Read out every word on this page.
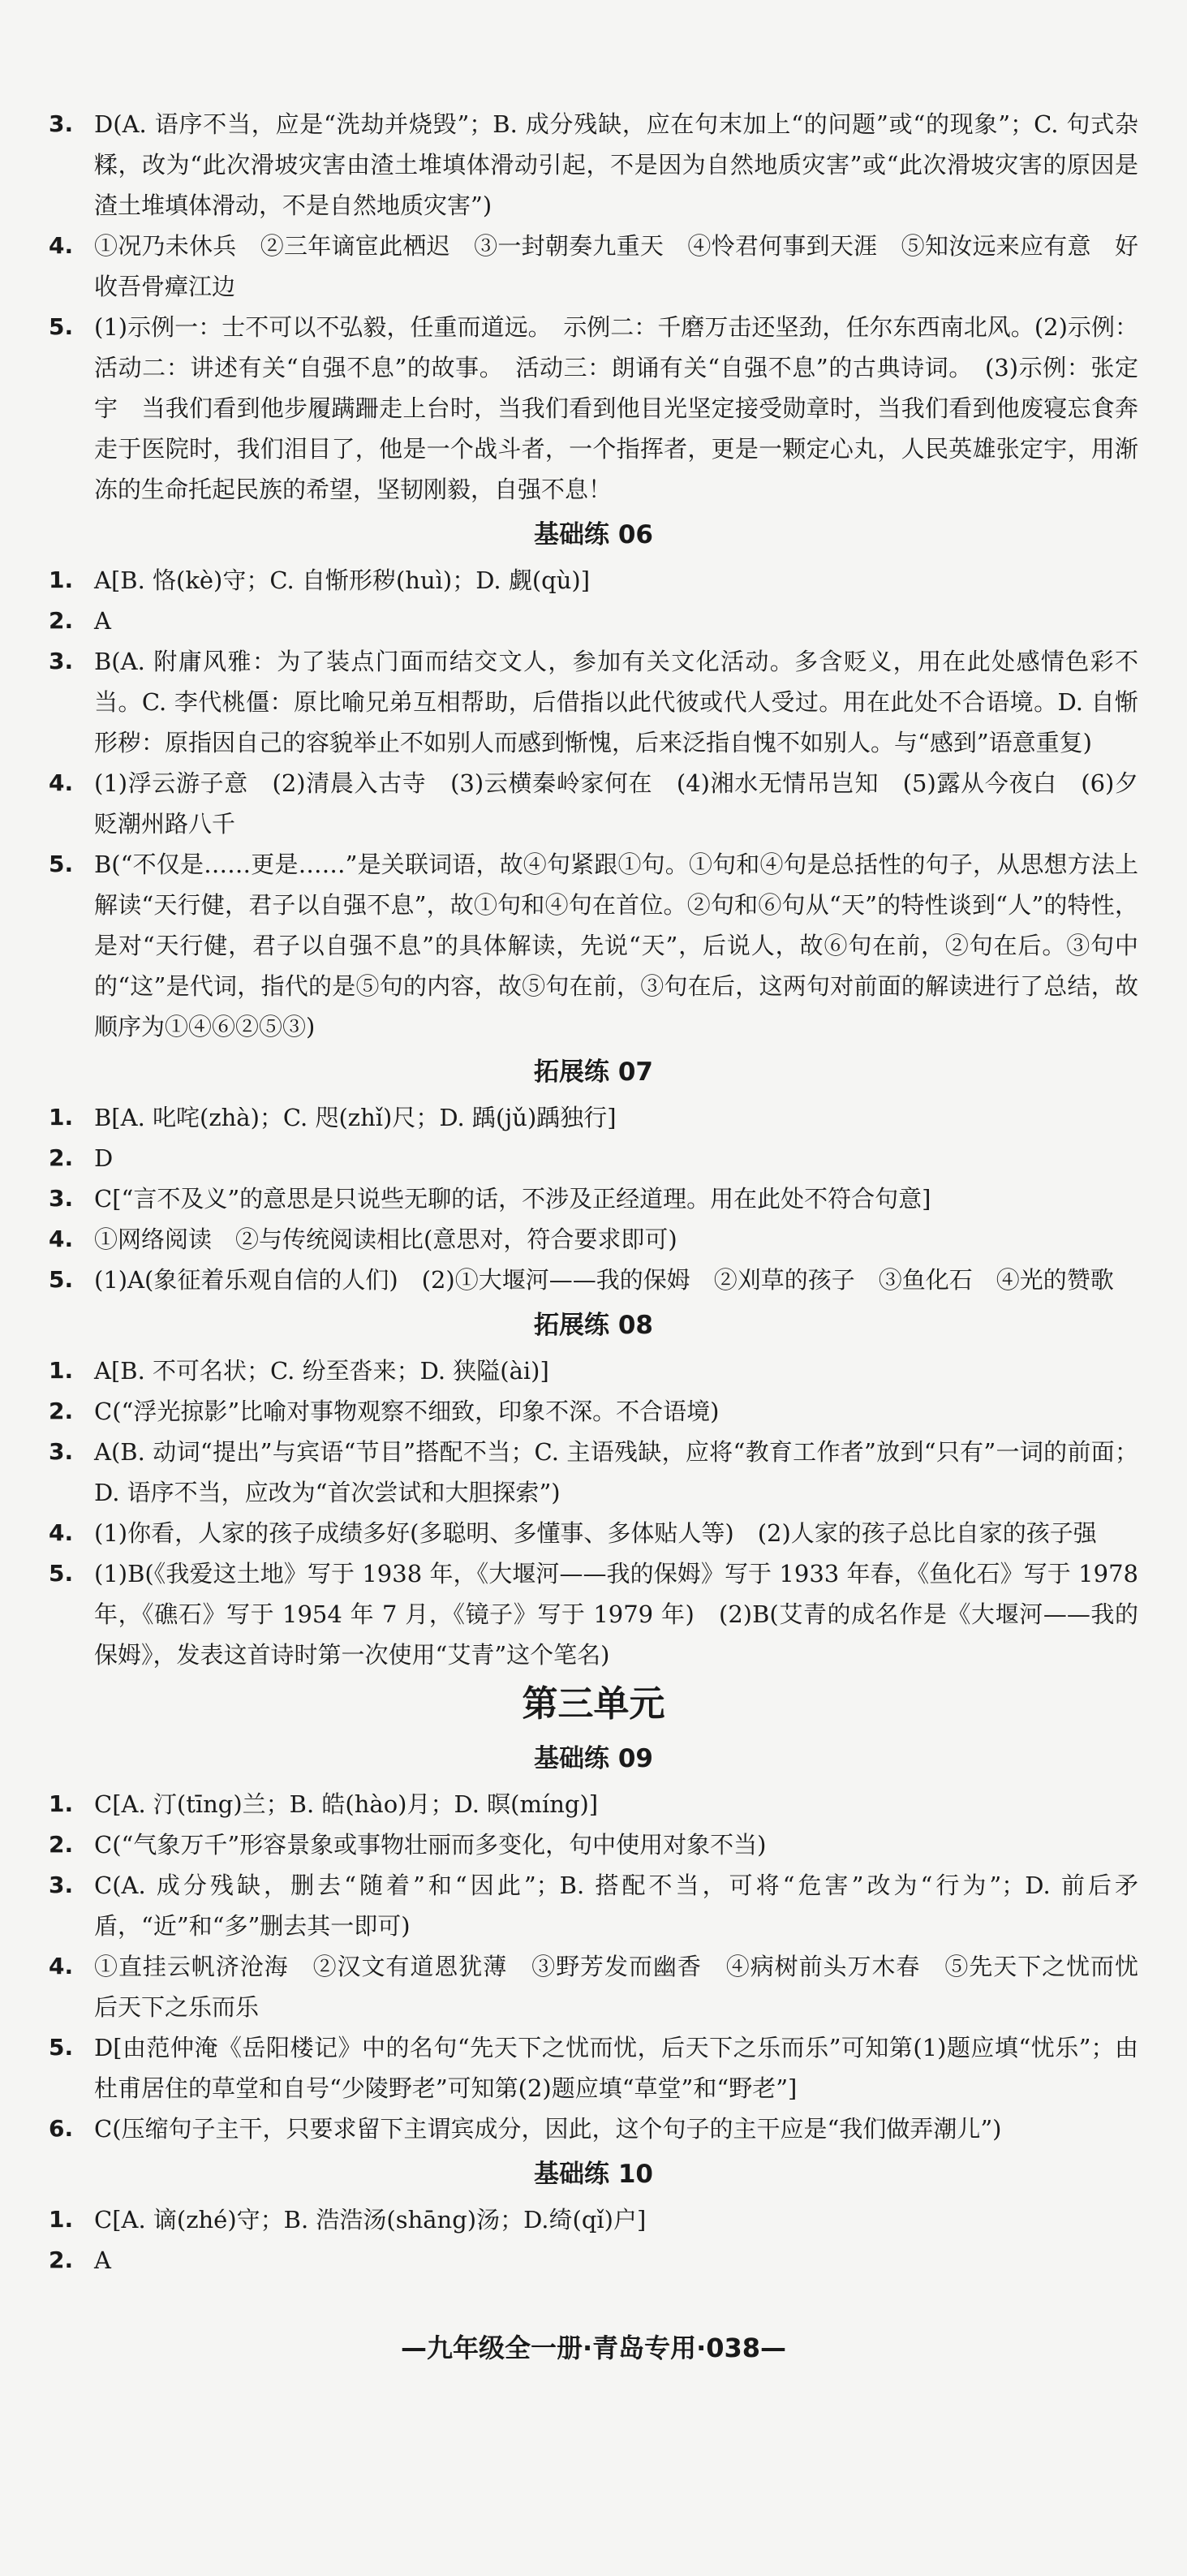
3. D(A. 语序不当，应是“洗劫并烧毁”；B. 成分残缺，应在句末加上“的问题”或“的现象”；C. 句式杂糅，改为“此次滑坡灾害由渣土堆填体滑动引起，不是因为自然地质灾害”或“此次滑坡灾害的原因是渣土堆填体滑动，不是自然地质灾害”)
4. ①况乃未休兵　②三年谪宦此栖迟　③一封朝奏九重天　④怜君何事到天涯　⑤知汝远来应有意　好收吾骨瘴江边
5. (1)示例一：士不可以不弘毅，任重而道远。　示例二：千磨万击还坚劲，任尔东西南北风。(2)示例：活动二：讲述有关“自强不息”的故事。　活动三：朗诵有关“自强不息”的古典诗词。　(3)示例：张定宇　当我们看到他步履蹒跚走上台时，当我们看到他目光坚定接受勋章时，当我们看到他废寝忘食奔走于医院时，我们泪目了，他是一个战斗者，一个指挥者，更是一颗定心丸，人民英雄张定宇，用渐冻的生命托起民族的希望，坚韧刚毅，自强不息！
基础练 06
1. A[B. 恪(kè)守；C. 自惭形秽(huì)；D. 觑(qù)]
2. A
3. B(A. 附庸风雅：为了装点门面而结交文人，参加有关文化活动。多含贬义，用在此处感情色彩不当。C. 李代桃僵：原比喻兄弟互相帮助，后借指以此代彼或代人受过。用在此处不合语境。D. 自惭形秽：原指因自己的容貌举止不如别人而感到惭愧，后来泛指自愧不如别人。与“感到”语意重复)
4. (1)浮云游子意　(2)清晨入古寺　(3)云横秦岭家何在　(4)湘水无情吊岂知　(5)露从今夜白　(6)夕贬潮州路八千
5. B(“不仅是……更是……”是关联词语，故④句紧跟①句。①句和④句是总括性的句子，从思想方法上解读“天行健，君子以自强不息”，故①句和④句在首位。②句和⑥句从“天”的特性谈到“人”的特性，是对“天行健，君子以自强不息”的具体解读，先说“天”，后说人，故⑥句在前，②句在后。③句中的“这”是代词，指代的是⑤句的内容，故⑤句在前，③句在后，这两句对前面的解读进行了总结，故顺序为①④⑥②⑤③)
拓展练 07
1. B[A. 叱咤(zhà)；C. 咫(zhǐ)尺；D. 踽(jǔ)踽独行]
2. D
3. C[“言不及义”的意思是只说些无聊的话，不涉及正经道理。用在此处不符合句意]
4. ①网络阅读　②与传统阅读相比(意思对，符合要求即可)
5. (1)A(象征着乐观自信的人们)　(2)①大堰河——我的保姆　②刈草的孩子　③鱼化石　④光的赞歌
拓展练 08
1. A[B. 不可名状；C. 纷至沓来；D. 狭隘(ài)]
2. C(“浮光掠影”比喻对事物观察不细致，印象不深。不合语境)
3. A(B. 动词“提出”与宾语“节目”搭配不当；C. 主语残缺，应将“教育工作者”放到“只有”一词的前面；D. 语序不当，应改为“首次尝试和大胆探索”)
4. (1)你看，人家的孩子成绩多好(多聪明、多懂事、多体贴人等)　(2)人家的孩子总比自家的孩子强
5. (1)B(《我爱这土地》写于 1938 年，《大堰河——我的保姆》写于 1933 年春，《鱼化石》写于 1978 年，《礁石》写于 1954 年 7 月，《镜子》写于 1979 年)　(2)B(艾青的成名作是《大堰河——我的保姆》，发表这首诗时第一次使用“艾青”这个笔名)
第三单元
基础练 09
1. C[A. 汀(tīng)兰；B. 皓(hào)月；D. 暝(míng)]
2. C(“气象万千”形容景象或事物壮丽而多变化，句中使用对象不当)
3. C(A. 成分残缺，删去“随着”和“因此”；B. 搭配不当，可将“危害”改为“行为”；D. 前后矛盾，“近”和“多”删去其一即可)
4. ①直挂云帆济沧海　②汉文有道恩犹薄　③野芳发而幽香　④病树前头万木春　⑤先天下之忧而忧　后天下之乐而乐
5. D[由范仲淹《岳阳楼记》中的名句“先天下之忧而忧，后天下之乐而乐”可知第(1)题应填“忧乐”；由杜甫居住的草堂和自号“少陵野老”可知第(2)题应填“草堂”和“野老”]
6. C(压缩句子主干，只要求留下主谓宾成分，因此，这个句子的主干应是“我们做弄潮儿”)
基础练 10
1. C[A. 谪(zhé)守；B. 浩浩汤(shāng)汤；D.绮(qǐ)户]
2. A
—九年级全一册·青岛专用·038—
